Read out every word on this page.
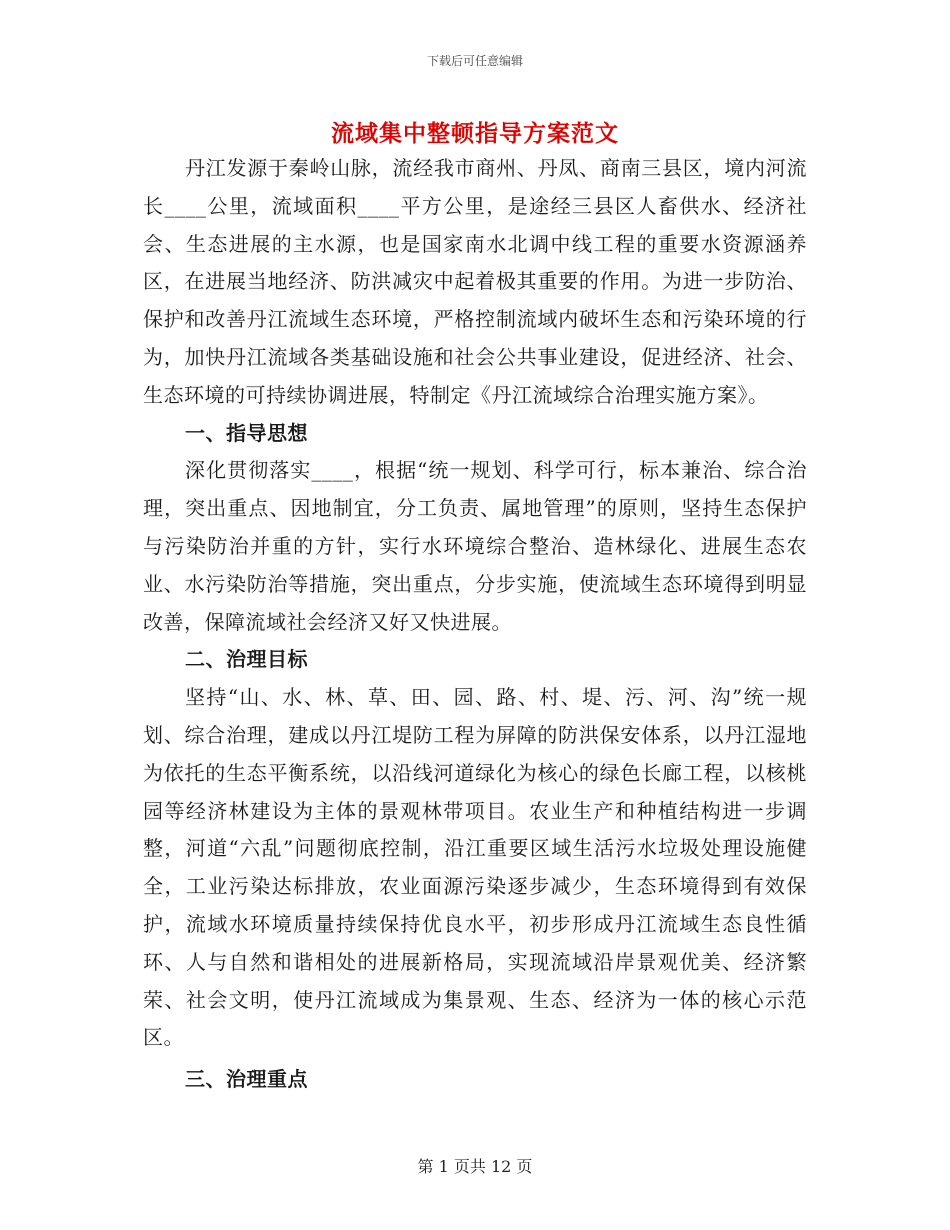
下载后可任意编辑
流域集中整顿指导方案范文

丹江发源于秦岭山脉，流经我市商州、丹凤、商南三县区，境内河流长____公里，流域面积____平方公里，是途经三县区人畜供水、经济社会、生态进展的主水源，也是国家南水北调中线工程的重要水资源涵养区，在进展当地经济、防洪减灾中起着极其重要的作用。为进一步防治、保护和改善丹江流域生态环境，严格控制流域内破坏生态和污染环境的行为，加快丹江流域各类基础设施和社会公共事业建设，促进经济、社会、生态环境的可持续协调进展，特制定《丹江流域综合治理实施方案》。

一、指导思想

深化贯彻落实____，根据“统一规划、科学可行，标本兼治、综合治理，突出重点、因地制宜，分工负责、属地管理”的原则，坚持生态保护与污染防治并重的方针，实行水环境综合整治、造林绿化、进展生态农业、水污染防治等措施，突出重点，分步实施，使流域生态环境得到明显改善，保障流域社会经济又好又快进展。

二、治理目标

坚持“山、水、林、草、田、园、路、村、堤、污、河、沟”统一规划、综合治理，建成以丹江堤防工程为屏障的防洪保安体系，以丹江湿地为依托的生态平衡系统，以沿线河道绿化为核心的绿色长廊工程，以核桃园等经济林建设为主体的景观林带项目。农业生产和种植结构进一步调整，河道“六乱”问题彻底控制，沿江重要区域生活污水垃圾处理设施健全，工业污染达标排放，农业面源污染逐步减少，生态环境得到有效保护，流域水环境质量持续保持优良水平，初步形成丹江流域生态良性循环、人与自然和谐相处的进展新格局，实现流域沿岸景观优美、经济繁荣、社会文明，使丹江流域成为集景观、生态、经济为一体的核心示范区。

三、治理重点

第 1 页共 12 页
